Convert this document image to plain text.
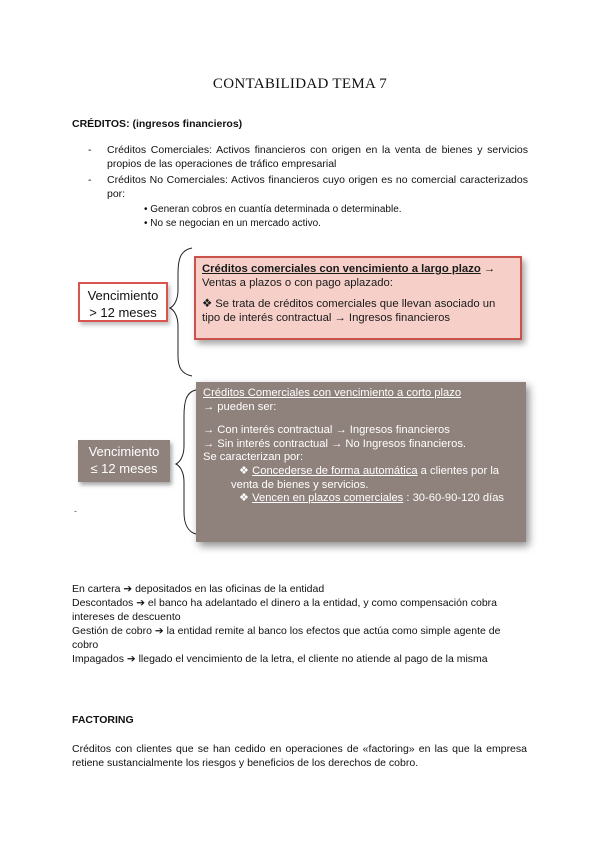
CONTABILIDAD TEMA 7
CRÉDITOS: (ingresos financieros)
- Créditos Comerciales: Activos financieros con origen en la venta de bienes y servicios propios de las operaciones de tráfico empresarial
- Créditos No Comerciales: Activos financieros cuyo origen es no comercial caracterizados por:
• Generan cobros en cuantía determinada o determinable.
• No se negocian en un mercado activo.
Vencimiento
> 12 meses
Créditos comerciales con vencimiento a largo plazo →
Ventas a plazos o con pago aplazado:
❖ Se trata de créditos comerciales que llevan asociado un tipo de interés contractual → Ingresos financieros
Vencimiento
≤ 12 meses
Créditos Comerciales con vencimiento a corto plazo
→ pueden ser:
→ Con interés contractual → Ingresos financieros
→ Sin interés contractual → No Ingresos financieros.
Se caracterizan por:
❖ Concederse de forma automática a clientes por la venta de bienes y servicios.
❖ Vencen en plazos comerciales : 30-60-90-120 días
-
En cartera ➔ depositados en las oficinas de la entidad
Descontados ➔ el banco ha adelantado el dinero a la entidad, y como compensación cobra intereses de descuento
Gestión de cobro ➔ la entidad remite al banco los efectos que actúa como simple agente de cobro
Impagados ➔ llegado el vencimiento de la letra, el cliente no atiende al pago de la misma
FACTORING
Créditos con clientes que se han cedido en operaciones de «factoring» en las que la empresa retiene sustancialmente los riesgos y beneficios de los derechos de cobro.
